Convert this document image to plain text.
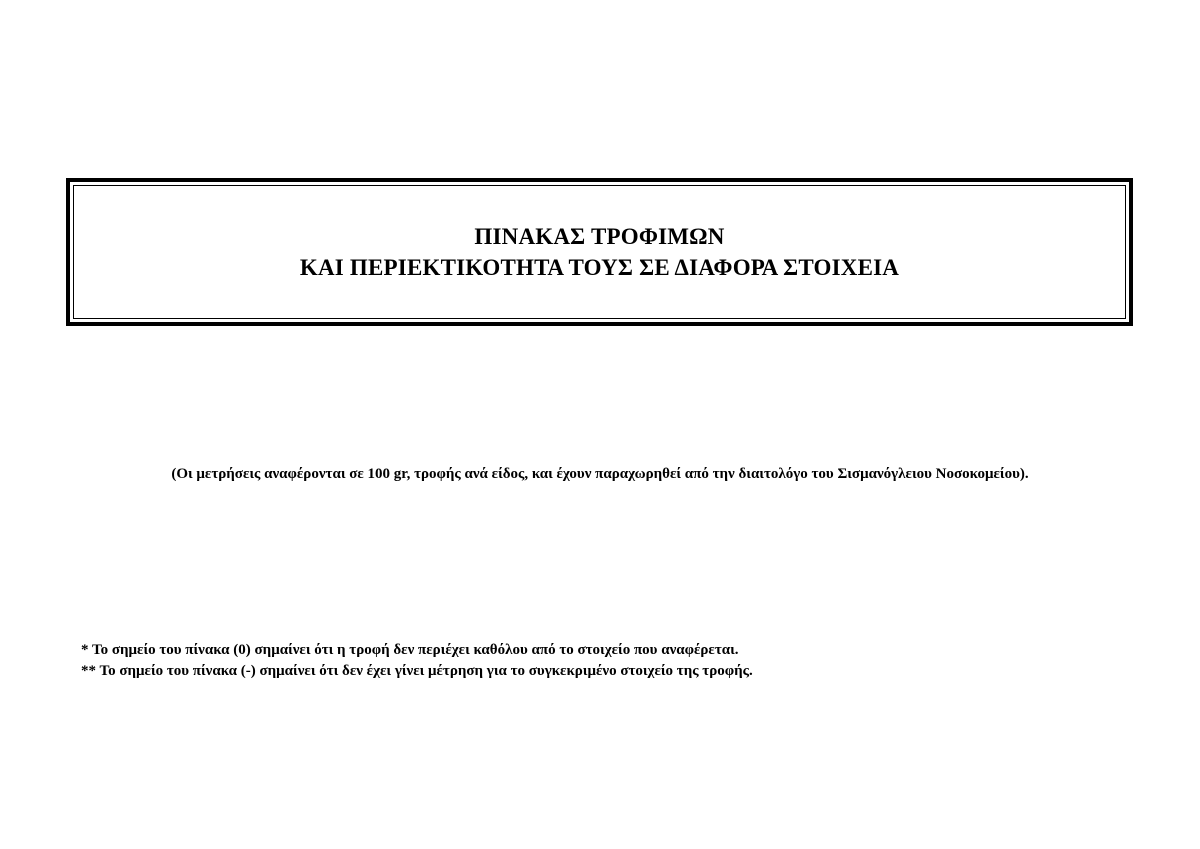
ΠΙΝΑΚΑΣ ΤΡΟΦΙΜΩΝ
ΚΑΙ ΠΕΡΙΕΚΤΙΚΟΤΗΤΑ ΤΟΥΣ ΣΕ ΔΙΑΦΟΡΑ ΣΤΟΙΧΕΙΑ
(Οι μετρήσεις αναφέρονται σε 100 gr, τροφής ανά είδος, και έχουν παραχωρηθεί από την διαιτολόγο του Σισμανόγλειου Νοσοκομείου).
* Το σημείο του πίνακα (0) σημαίνει ότι η τροφή δεν περιέχει καθόλου από το στοιχείο που αναφέρεται.
** Το σημείο του πίνακα (-) σημαίνει ότι δεν έχει γίνει μέτρηση για το συγκεκριμένο στοιχείο της τροφής.
